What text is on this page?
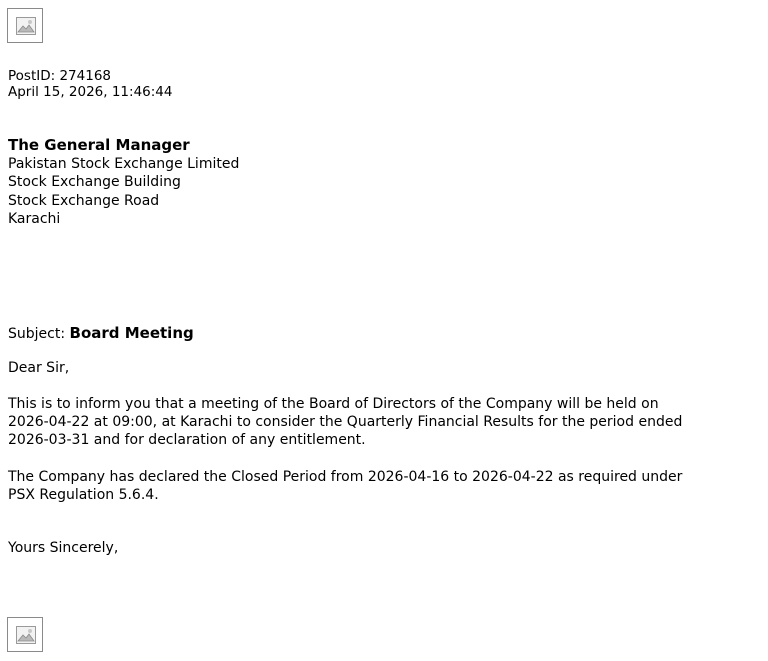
PostID: 274168
April 15, 2026, 11:46:44
The General Manager
Pakistan Stock Exchange Limited
Stock Exchange Building
Stock Exchange Road
Karachi
Subject: Board Meeting
Dear Sir,
This is to inform you that a meeting of the Board of Directors of the Company will be held on
2026-04-22 at 09:00, at Karachi to consider the Quarterly Financial Results for the period ended
2026-03-31 and for declaration of any entitlement.
The Company has declared the Closed Period from 2026-04-16 to 2026-04-22 as required under
PSX Regulation 5.6.4.
Yours Sincerely,
